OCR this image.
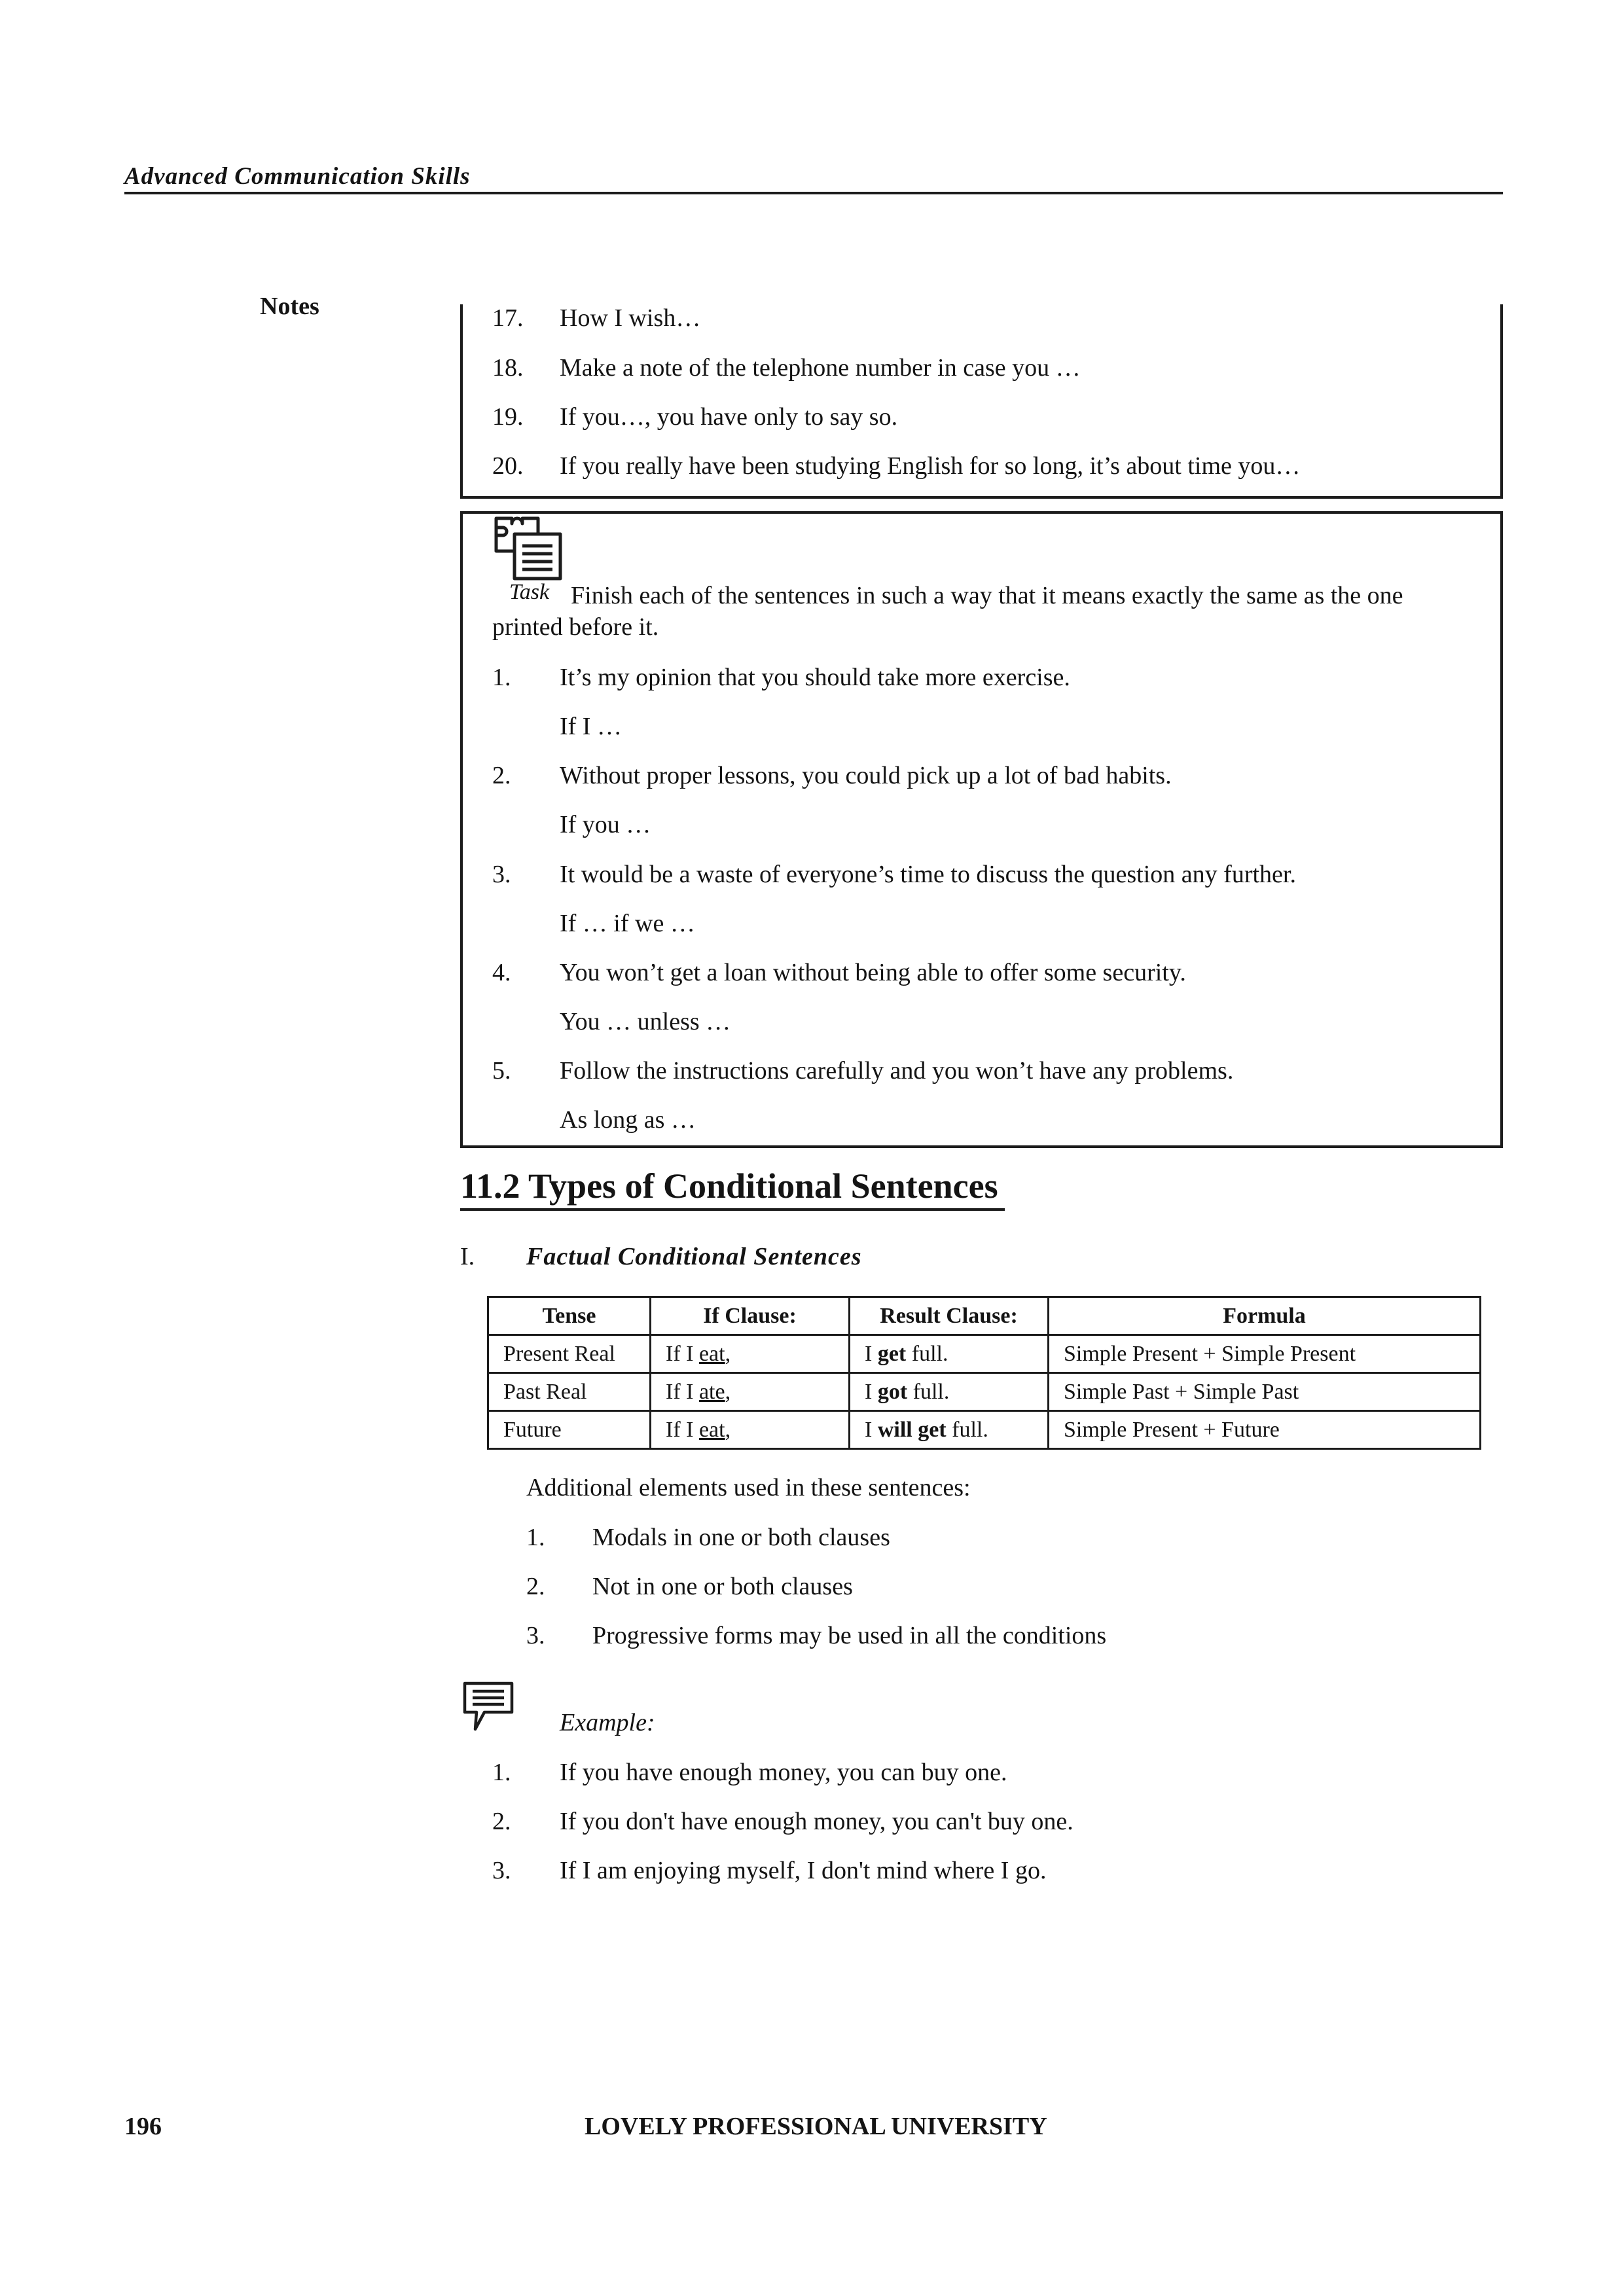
Advanced Communication Skills
Notes	17. How I wish…
18. Make a note of the telephone number in case you …
19. If you…, you have only to say so.
20. If you really have been studying English for so long, it’s about time you…
Task Finish each of the sentences in such a way that it means exactly the same as the one
printed before it.
1. It’s my opinion that you should take more exercise.
If I …
2. Without proper lessons, you could pick up a lot of bad habits.
If you …
3. It would be a waste of everyone’s time to discuss the question any further.
If … if we …
4. You won’t get a loan without being able to offer some security.
You … unless …
5. Follow the instructions carefully and you won’t have any problems.
As long as …
11.2 Types of Conditional Sentences
I. Factual Conditional Sentences
Tense	If Clause:	Result Clause:	Formula
Present Real	If I eat,	I get full.	Simple Present + Simple Present
Past Real	If I ate,	I got full.	Simple Past + Simple Past
Future	If I eat,	I will get full.	Simple Present + Future
Additional elements used in these sentences:
1. Modals in one or both clauses
2. Not in one or both clauses
3. Progressive forms may be used in all the conditions
Example:
1. If you have enough money, you can buy one.
2. If you don't have enough money, you can't buy one.
3. If I am enjoying myself, I don't mind where I go.
196	LOVELY PROFESSIONAL UNIVERSITY
